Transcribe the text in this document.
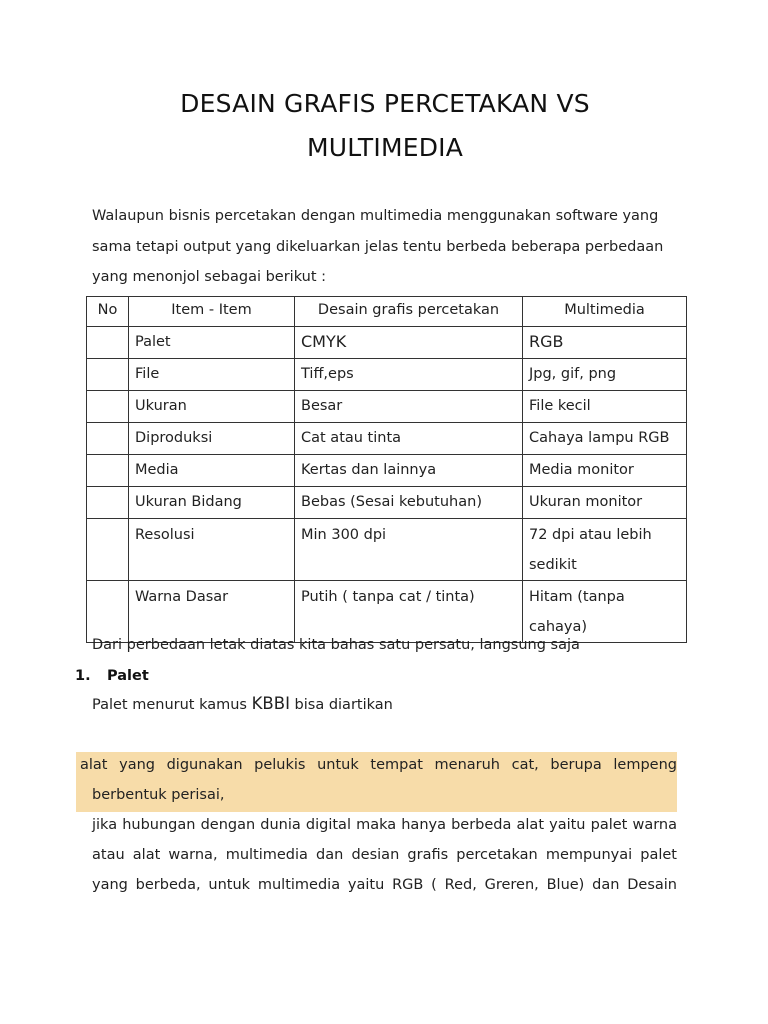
DESAIN GRAFIS PERCETAKAN VS
MULTIMEDIA
Walaupun bisnis percetakan dengan multimedia menggunakan software yang sama tetapi output yang dikeluarkan jelas tentu berbeda beberapa perbedaan yang menonjol sebagai berikut :
No	Item - Item	Desain grafis percetakan	Multimedia
	Palet	CMYK	RGB
	File	Tiff,eps	Jpg, gif, png
	Ukuran	Besar	File kecil
	Diproduksi	Cat atau tinta	Cahaya lampu RGB
	Media	Kertas dan lainnya	Media monitor
	Ukuran Bidang	Bebas (Sesai kebutuhan)	Ukuran monitor
	Resolusi	Min 300 dpi	72 dpi atau lebih sedikit
	Warna Dasar	Putih ( tanpa cat / tinta)	Hitam (tanpa cahaya)
Dari perbedaan letak diatas kita bahas satu persatu, langsung saja
1. Palet
Palet menurut kamus KBBI bisa diartikan
alat yang digunakan pelukis untuk tempat menaruh cat, berupa lempeng
berbentuk perisai,
jika hubungan dengan dunia digital maka hanya berbeda alat yaitu palet warna
atau alat warna, multimedia dan desian grafis percetakan mempunyai palet
yang berbeda, untuk multimedia yaitu RGB ( Red, Greren, Blue) dan Desain
